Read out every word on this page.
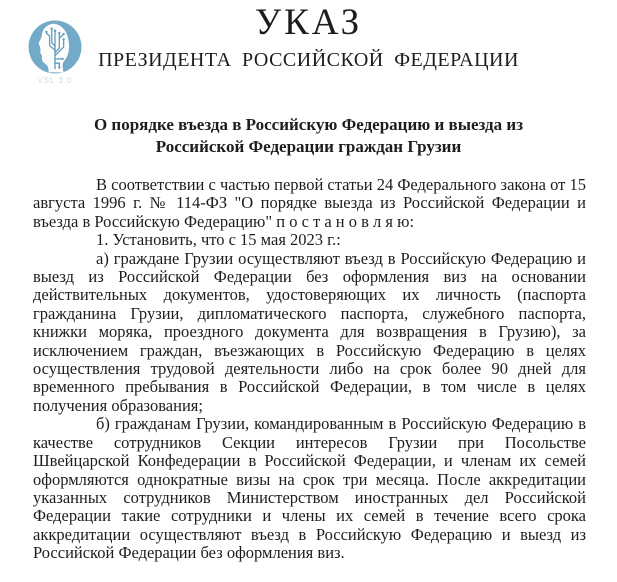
VSL 3.0
УКАЗ
ПРЕЗИДЕНТА РОССИЙСКОЙ ФЕДЕРАЦИИ
О порядке въезда в Российскую Федерацию и выезда из
Российской Федерации граждан Грузии

В соответствии с частью первой статьи 24 Федерального закона от 15 августа 1996 г. № 114-ФЗ "О порядке выезда из Российской Федерации и въезда в Российскую Федерацию" п о с т а н о в л я ю:

1. Установить, что с 15 мая 2023 г.:

а) граждане Грузии осуществляют въезд в Российскую Федерацию и выезд из Российской Федерации без оформления виз на основании действительных документов, удостоверяющих их личность (паспорта гражданина Грузии, дипломатического паспорта, служебного паспорта, книжки моряка, проездного документа для возвращения в Грузию), за исключением граждан, въезжающих в Российскую Федерацию в целях осуществления трудовой деятельности либо на срок более 90 дней для временного пребывания в Российской Федерации, в том числе в целях получения образования;

б) гражданам Грузии, командированным в Российскую Федерацию в качестве сотрудников Секции интересов Грузии при Посольстве Швейцарской Конфедерации в Российской Федерации, и членам их семей оформляются однократные визы на срок три месяца. После аккредитации указанных сотрудников Министерством иностранных дел Российской Федерации такие сотрудники и члены их семей в течение всего срока аккредитации осуществляют въезд в Российскую Федерацию и выезд из Российской Федерации без оформления виз.
